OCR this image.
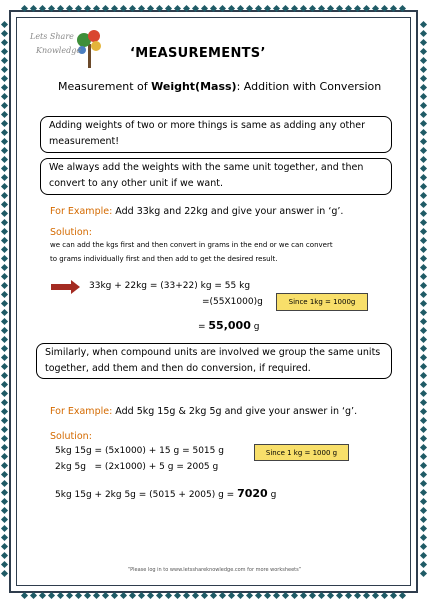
Lets Share
Knowledge	‘MEASUREMENTS’
Measurement of Weight(Mass): Addition with Conversion
Adding weights of two or more things is same as adding any other measurement!
We always add the weights with the same unit together, and then convert to any other unit if we want.
For Example: Add 33kg and 22kg and give your answer in ‘g’.
Solution:
we can add the kgs first and then convert in grams in the end or we can convert
to grams individually first and then add to get the desired result.
33kg + 22kg = (33+22) kg = 55 kg
=(55X1000)g	Since 1kg = 1000g
= 55,000 g
Similarly, when compound units are involved we group the same units together, add them and then do conversion, if required.
For Example: Add 5kg 15g & 2kg 5g and give your answer in ‘g’.
Solution:
5kg 15g = (5x1000) + 15 g = 5015 g
2kg 5g   = (2x1000) + 5 g = 2005 g
Since 1 kg = 1000 g
5kg 15g + 2kg 5g = (5015 + 2005) g = 7020 g
“Please log in to www.letsshareknowledge.com for more worksheets”
